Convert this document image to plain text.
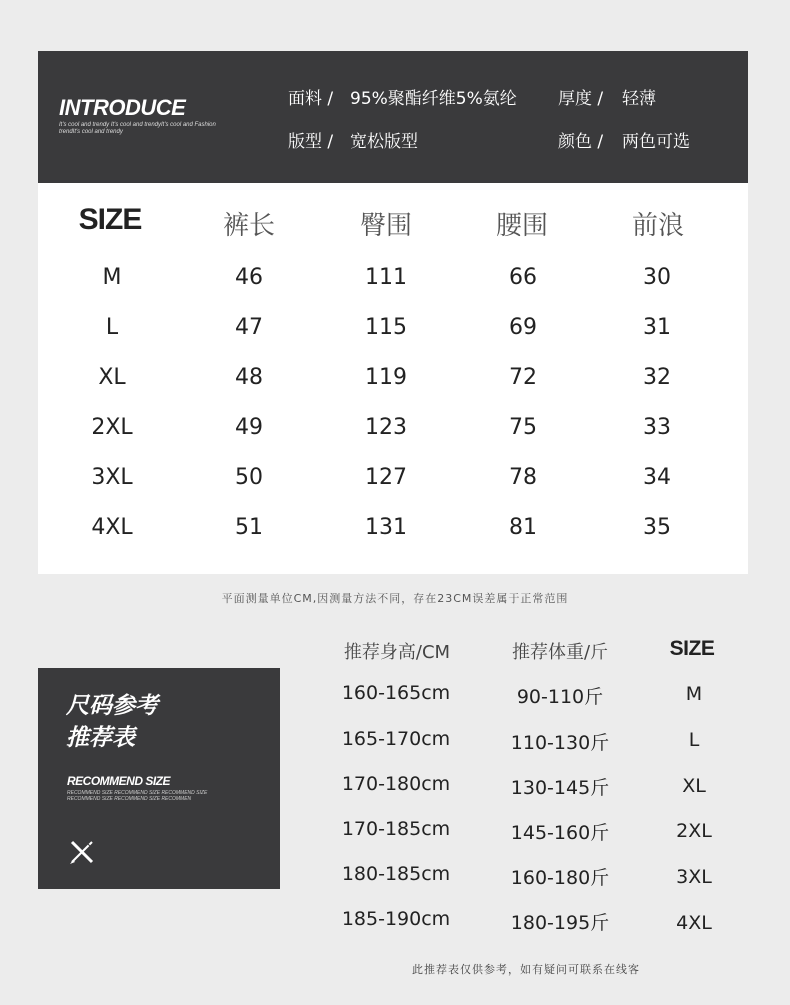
INTRODUCE
It's cool and trendy It's cool and trendyIt's cool and Fashion trendIt's cool and trendy
面料 / 95%聚酯纤维5%氨纶 厚度 / 轻薄
版型 / 宽松版型	颜色 / 两色可选
SIZE	裤长	臀围	腰围	前浪
M	46	111	66	30
L	47	115	69	31
XL	48	119	72	32
2XL	49	123	75	33
3XL	50	127	78	34
4XL	51	131	81	35
平面测量单位CM,因测量方法不同，存在23CM误差属于正常范围
尺码参考
推荐表
RECOMMEND SIZE
RECOMMEND SIZE RECOMMEND SIZE RECOMMEND SIZE RECOMMEND SIZE RECOMMEND SIZE RECOMMEN
推荐身高/CM	推荐体重/斤	SIZE
160-165cm	90-110斤	M
165-170cm	110-130斤	L
170-180cm	130-145斤	XL
170-185cm	145-160斤	2XL
180-185cm	160-180斤	3XL
185-190cm	180-195斤	4XL
此推荐表仅供参考，如有疑问可联系在线客
